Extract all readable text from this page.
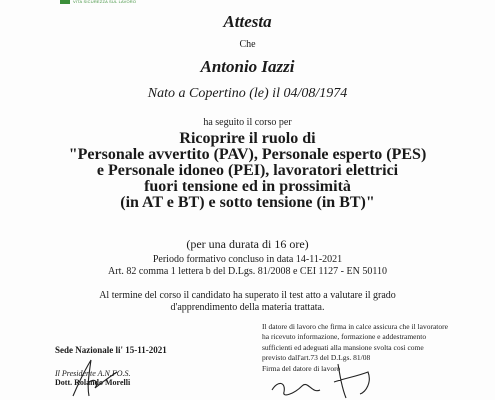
VITA SICUREZZA SUL LAVORO
Attesta
Che
Antonio Iazzi
Nato a Copertino (le) il 04/08/1974
ha seguito il corso per
Ricoprire il ruolo di
"Personale avvertito (PAV), Personale esperto (PES)
e Personale idoneo (PEI), lavoratori elettrici
fuori tensione ed in prossimità
(in AT e BT) e sotto tensione (in BT)"
(per una durata di 16 ore)
Periodo formativo concluso in data 14-11-2021
Art. 82 comma 1 lettera b del D.Lgs. 81/2008 e CEI 1127 - EN 50110
Al termine del corso il candidato ha superato il test atto a valutare il grado
d'apprendimento della materia trattata.
Sede Nazionale li' 15-11-2021
Il Presidente A.N.FO.S.
Dott. Rolando Morelli
Il datore di lavoro che firma in calce assicura che il lavoratore
ha ricevuto informazione, formazione e addestramento
sufficienti ed adeguati alla mansione svolta così come
previsto dall'art.73 del D.Lgs. 81/08
Firma del datore di lavoro
